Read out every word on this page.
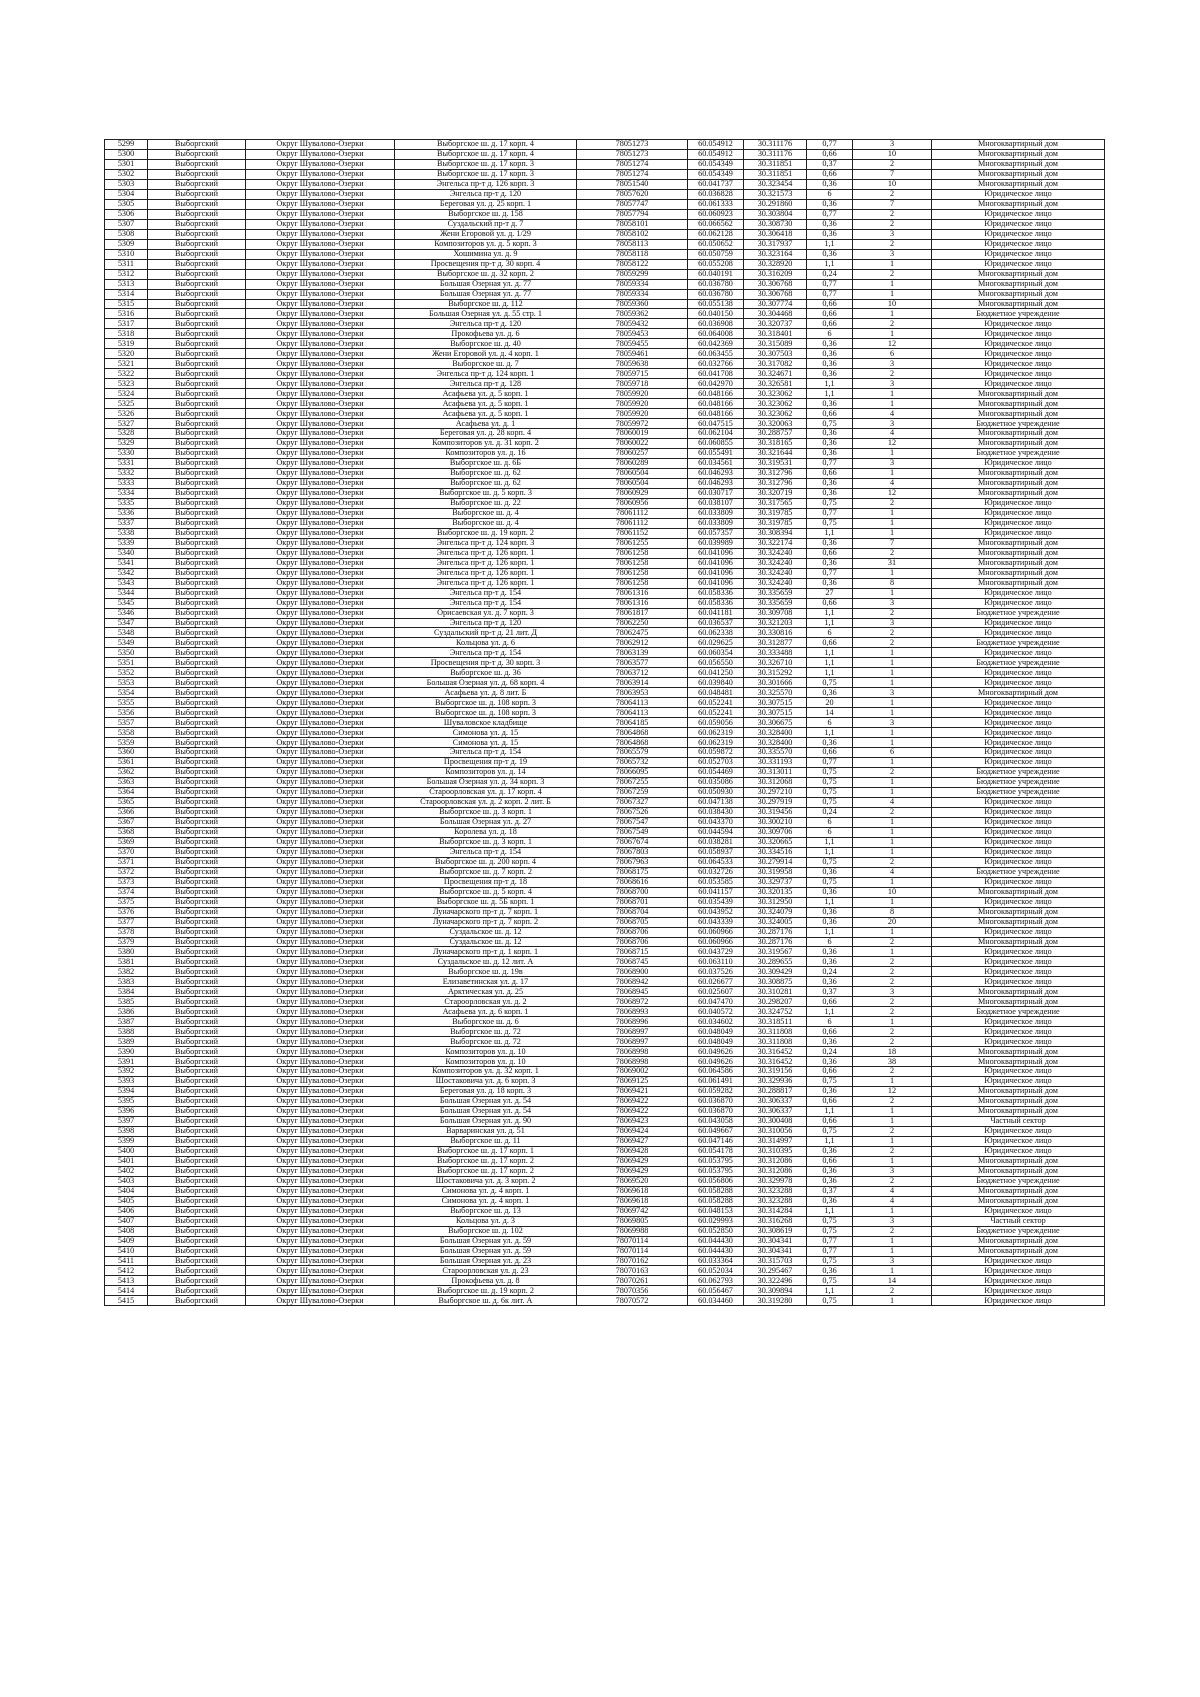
5299	Выборгский	Округ Шувалово-Озерки	Выборгское ш. д. 17 корп. 4	78051273	60.054912	30.311176	0,77	3	Многоквартирный дом
5300	Выборгский	Округ Шувалово-Озерки	Выборгское ш. д. 17 корп. 4	78051273	60.054912	30.311176	0,66	10	Многоквартирный дом
5301	Выборгский	Округ Шувалово-Озерки	Выборгское ш. д. 17 корп. 3	78051274	60.054349	30.311851	0,37	2	Многоквартирный дом
5302	Выборгский	Округ Шувалово-Озерки	Выборгское ш. д. 17 корп. 3	78051274	60.054349	30.311851	0,66	7	Многоквартирный дом
5303	Выборгский	Округ Шувалово-Озерки	Энгельса пр-т д. 126 корп. 3	78051540	60.041737	30.323454	0,36	10	Многоквартирный дом
5304	Выборгский	Округ Шувалово-Озерки	Энгельса пр-т д. 120	78057620	60.036828	30.321573	6	2	Юридическое лицо
5305	Выборгский	Округ Шувалово-Озерки	Береговая ул. д. 25 корп. 1	78057747	60.061333	30.291860	0,36	7	Многоквартирный дом
5306	Выборгский	Округ Шувалово-Озерки	Выборгское ш. д. 158	78057794	60.060923	30.303804	0,77	2	Юридическое лицо
5307	Выборгский	Округ Шувалово-Озерки	Суздальский пр-т д. 7	78058101	60.066562	30.308730	0,36	2	Юридическое лицо
5308	Выборгский	Округ Шувалово-Озерки	Жени Егоровой ул. д. 1/29	78058102	60.062128	30.306418	0,36	3	Юридическое лицо
5309	Выборгский	Округ Шувалово-Озерки	Композиторов ул. д. 5 корп. 3	78058113	60.050652	30.317937	1,1	2	Юридическое лицо
5310	Выборгский	Округ Шувалово-Озерки	Хошимина ул. д. 9	78058118	60.050759	30.323164	0,36	3	Юридическое лицо
5311	Выборгский	Округ Шувалово-Озерки	Просвещения пр-т д. 30 корп. 4	78058122	60.055208	30.328920	1,1	1	Юридическое лицо
5312	Выборгский	Округ Шувалово-Озерки	Выборгское ш. д. 32 корп. 2	78059299	60.040191	30.316209	0,24	2	Многоквартирный дом
5313	Выборгский	Округ Шувалово-Озерки	Большая Озерная ул. д. 77	78059334	60.036780	30.306768	0,77	1	Многоквартирный дом
5314	Выборгский	Округ Шувалово-Озерки	Большая Озерная ул. д. 77	78059334	60.036780	30.306768	0,77	1	Многоквартирный дом
5315	Выборгский	Округ Шувалово-Озерки	Выборгское ш. д. 112	78059360	60.055138	30.307774	0,66	10	Многоквартирный дом
5316	Выборгский	Округ Шувалово-Озерки	Большая Озерная ул. д. 55 стр. 1	78059362	60.040150	30.304468	0,66	1	Бюджетное учреждение
5317	Выборгский	Округ Шувалово-Озерки	Энгельса пр-т д. 120	78059432	60.036908	30.320737	0,66	2	Юридическое лицо
5318	Выборгский	Округ Шувалово-Озерки	Прокофьева ул. д. 6	78059453	60.064008	30.318401	6	1	Юридическое лицо
5319	Выборгский	Округ Шувалово-Озерки	Выборгское ш. д. 40	78059455	60.042369	30.315089	0,36	12	Юридическое лицо
5320	Выборгский	Округ Шувалово-Озерки	Жени Егоровой ул. д. 4 корп. 1	78059461	60.063455	30.307503	0,36	6	Юридическое лицо
5321	Выборгский	Округ Шувалово-Озерки	Выборгское ш. д. 7	78059638	60.032766	30.317082	0,36	3	Юридическое лицо
5322	Выборгский	Округ Шувалово-Озерки	Энгельса пр-т д. 124 корп. 1	78059715	60.041708	30.324671	0,36	2	Юридическое лицо
5323	Выборгский	Округ Шувалово-Озерки	Энгельса пр-т д. 128	78059718	60.042970	30.326581	1,1	3	Юридическое лицо
5324	Выборгский	Округ Шувалово-Озерки	Асафьева ул. д. 5 корп. 1	78059920	60.048166	30.323062	1,1	1	Многоквартирный дом
5325	Выборгский	Округ Шувалово-Озерки	Асафьева ул. д. 5 корп. 1	78059920	60.048166	30.323062	0,36	1	Многоквартирный дом
5326	Выборгский	Округ Шувалово-Озерки	Асафьева ул. д. 5 корп. 1	78059920	60.048166	30.323062	0,66	4	Многоквартирный дом
5327	Выборгский	Округ Шувалово-Озерки	Асафьева ул. д. 1	78059972	60.047515	30.320063	0,75	3	Бюджетное учреждение
5328	Выборгский	Округ Шувалово-Озерки	Береговая ул. д. 28 корп. 4	78060019	60.062104	30.288757	0,36	4	Многоквартирный дом
5329	Выборгский	Округ Шувалово-Озерки	Композиторов ул. д. 31 корп. 2	78060022	60.060855	30.318165	0,36	12	Многоквартирный дом
5330	Выборгский	Округ Шувалово-Озерки	Композиторов ул. д. 16	78060257	60.055491	30.321644	0,36	1	Бюджетное учреждение
5331	Выборгский	Округ Шувалово-Озерки	Выборгское ш. д. 6Б	78060289	60.034561	30.319531	0,77	3	Юридическое лицо
5332	Выборгский	Округ Шувалово-Озерки	Выборгское ш. д. 62	78060504	60.046293	30.312796	0,66	1	Многоквартирный дом
5333	Выборгский	Округ Шувалово-Озерки	Выборгское ш. д. 62	78060504	60.046293	30.312796	0,36	4	Многоквартирный дом
5334	Выборгский	Округ Шувалово-Озерки	Выборгское ш. д. 5 корп. 3	78060929	60.030717	30.320719	0,36	12	Многоквартирный дом
5335	Выборгский	Округ Шувалово-Озерки	Выборгское ш. д. 22	78060956	60.038107	30.317565	0,75	2	Юридическое лицо
5336	Выборгский	Округ Шувалово-Озерки	Выборгское ш. д. 4	78061112	60.033809	30.319785	0,77	1	Юридическое лицо
5337	Выборгский	Округ Шувалово-Озерки	Выборгское ш. д. 4	78061112	60.033809	30.319785	0,75	1	Юридическое лицо
5338	Выборгский	Округ Шувалово-Озерки	Выборгское ш. д. 19 корп. 2	78061152	60.057357	30.308394	1,1	1	Юридическое лицо
5339	Выборгский	Округ Шувалово-Озерки	Энгельса пр-т д. 124 корп. 3	78061255	60.039989	30.322174	0,36	7	Многоквартирный дом
5340	Выборгский	Округ Шувалово-Озерки	Энгельса пр-т д. 126 корп. 1	78061258	60.041096	30.324240	0,66	2	Многоквартирный дом
5341	Выборгский	Округ Шувалово-Озерки	Энгельса пр-т д. 126 корп. 1	78061258	60.041096	30.324240	0,36	31	Многоквартирный дом
5342	Выборгский	Округ Шувалово-Озерки	Энгельса пр-т д. 126 корп. 1	78061258	60.041096	30.324240	0,77	1	Многоквартирный дом
5343	Выборгский	Округ Шувалово-Озерки	Энгельса пр-т д. 126 корп. 1	78061258	60.041096	30.324240	0,36	8	Многоквартирный дом
5344	Выборгский	Округ Шувалово-Озерки	Энгельса пр-т д. 154	78061316	60.058336	30.335659	27	1	Юридическое лицо
5345	Выборгский	Округ Шувалово-Озерки	Энгельса пр-т д. 154	78061316	60.058336	30.335659	0,66	3	Юридическое лицо
5346	Выборгский	Округ Шувалово-Озерки	Орисаевская ул. д. 7 корп. 3	78061817	60.041181	30.309708	1,1	2	Бюджетное учреждение
5347	Выборгский	Округ Шувалово-Озерки	Энгельса пр-т д. 120	78062250	60.036537	30.321203	1,1	3	Юридическое лицо
5348	Выборгский	Округ Шувалово-Озерки	Суздальский пр-т д. 21 лит. Д	78062475	60.062338	30.330816	6	2	Юридическое лицо
5349	Выборгский	Округ Шувалово-Озерки	Кольцова ул. д. 6	78062912	60.029625	30.312877	0,66	2	Бюджетное учреждение
5350	Выборгский	Округ Шувалово-Озерки	Энгельса пр-т д. 154	78063139	60.060354	30.333488	1,1	1	Юридическое лицо
5351	Выборгский	Округ Шувалово-Озерки	Просвещения пр-т д. 30 корп. 3	78063577	60.056550	30.326710	1,1	1	Бюджетное учреждение
5352	Выборгский	Округ Шувалово-Озерки	Выборгское ш. д. 36	78063712	60.041250	30.315292	1,1	1	Юридическое лицо
5353	Выборгский	Округ Шувалово-Озерки	Большая Озерная ул. д. 68 корп. 4	78063914	60.039840	30.301666	0,75	1	Юридическое лицо
5354	Выборгский	Округ Шувалово-Озерки	Асафьева ул. д. 8 лит. Б	78063953	60.048481	30.325570	0,36	3	Многоквартирный дом
5355	Выборгский	Округ Шувалово-Озерки	Выборгское ш. д. 108 корп. 3	78064113	60.052241	30.307515	20	1	Юридическое лицо
5356	Выборгский	Округ Шувалово-Озерки	Выборгское ш. д. 108 корп. 3	78064113	60.052241	30.307515	14	1	Юридическое лицо
5357	Выборгский	Округ Шувалово-Озерки	Шуваловское кладбище	78064185	60.059056	30.306675	6	3	Юридическое лицо
5358	Выборгский	Округ Шувалово-Озерки	Симонова ул. д. 15	78064868	60.062319	30.328400	1,1	1	Юридическое лицо
5359	Выборгский	Округ Шувалово-Озерки	Симонова ул. д. 15	78064868	60.062319	30.328400	0,36	1	Юридическое лицо
5360	Выборгский	Округ Шувалово-Озерки	Энгельса пр-т д. 154	78065579	60.059872	30.335570	0,66	6	Юридическое лицо
5361	Выборгский	Округ Шувалово-Озерки	Просвещения пр-т д. 19	78065732	60.052703	30.331193	0,77	1	Юридическое лицо
5362	Выборгский	Округ Шувалово-Озерки	Композиторов ул. д. 14	78066095	60.054469	30.313011	0,75	2	Бюджетное учреждение
5363	Выборгский	Округ Шувалово-Озерки	Большая Озерная ул. д. 34 корп. 3	78067255	60.035086	30.312068	0,75	1	Бюджетное учреждение
5364	Выборгский	Округ Шувалово-Озерки	Староорловская ул. д. 17 корп. 4	78067259	60.050930	30.297210	0,75	1	Бюджетное учреждение
5365	Выборгский	Округ Шувалово-Озерки	Староорловская ул. д. 2 корп. 2 лит. Б	78067327	60.047138	30.297919	0,75	4	Юридическое лицо
5366	Выборгский	Округ Шувалово-Озерки	Выборгское ш. д. 3 корп. 1	78067526	60.038430	30.319456	0,24	2	Юридическое лицо
5367	Выборгский	Округ Шувалово-Озерки	Большая Озерная ул. д. 27	78067547	60.043370	30.300210	6	1	Юридическое лицо
5368	Выборгский	Округ Шувалово-Озерки	Королева ул. д. 18	78067549	60.044594	30.309706	6	1	Юридическое лицо
5369	Выборгский	Округ Шувалово-Озерки	Выборгское ш. д. 3 корп. 1	78067674	60.038281	30.320665	1,1	1	Юридическое лицо
5370	Выборгский	Округ Шувалово-Озерки	Энгельса пр-т д. 154	78067803	60.058937	30.334516	1,1	1	Юридическое лицо
5371	Выборгский	Округ Шувалово-Озерки	Выборгское ш. д. 200 корп. 4	78067963	60.064533	30.279914	0,75	2	Юридическое лицо
5372	Выборгский	Округ Шувалово-Озерки	Выборгское ш. д. 7 корп. 2	78068175	60.032726	30.319958	0,36	4	Бюджетное учреждение
5373	Выборгский	Округ Шувалово-Озерки	Просвещения пр-т д. 18	78068616	60.053585	30.329737	0,75	1	Юридическое лицо
5374	Выборгский	Округ Шувалово-Озерки	Выборгское ш. д. 5 корп. 4	78068700	60.041157	30.320135	0,36	10	Многоквартирный дом
5375	Выборгский	Округ Шувалово-Озерки	Выборгское ш. д. 5Б корп. 1	78068701	60.035439	30.312950	1,1	1	Юридическое лицо
5376	Выборгский	Округ Шувалово-Озерки	Луначарского пр-т д. 7 корп. 1	78068704	60.043952	30.324079	0,36	8	Многоквартирный дом
5377	Выборгский	Округ Шувалово-Озерки	Луначарского пр-т д. 7 корп. 2	78068705	60.043339	30.324005	0,36	20	Многоквартирный дом
5378	Выборгский	Округ Шувалово-Озерки	Суздальское ш. д. 12	78068706	60.060966	30.287176	1,1	1	Юридическое лицо
5379	Выборгский	Округ Шувалово-Озерки	Суздальское ш. д. 12	78068706	60.060966	30.287176	6	2	Многоквартирный дом
5380	Выборгский	Округ Шувалово-Озерки	Луначарского пр-т д. 1 корп. 1	78068715	60.043729	30.319567	0,36	1	Юридическое лицо
5381	Выборгский	Округ Шувалово-Озерки	Суздальское ш. д. 12 лит. А	78068745	60.063110	30.289655	0,36	2	Юридическое лицо
5382	Выборгский	Округ Шувалово-Озерки	Выборгское ш. д. 19в	78068900	60.037526	30.309429	0,24	2	Юридическое лицо
5383	Выборгский	Округ Шувалово-Озерки	Елизаветинская ул. д. 17	78068942	60.026677	30.308875	0,36	2	Юридическое лицо
5384	Выборгский	Округ Шувалово-Озерки	Арктическая ул. д. 25	78068945	60.025607	30.310281	0,37	3	Многоквартирный дом
5385	Выборгский	Округ Шувалово-Озерки	Староорловская ул. д. 2	78068972	60.047470	30.298207	0,66	2	Многоквартирный дом
5386	Выборгский	Округ Шувалово-Озерки	Асафьева ул. д. 6 корп. 1	78068993	60.040572	30.324752	1,1	2	Бюджетное учреждение
5387	Выборгский	Округ Шувалово-Озерки	Выборгское ш. д. 6	78068996	60.034602	30.318511	6	1	Юридическое лицо
5388	Выборгский	Округ Шувалово-Озерки	Выборгское ш. д. 72	78068997	60.048049	30.311808	0,66	2	Юридическое лицо
5389	Выборгский	Округ Шувалово-Озерки	Выборгское ш. д. 72	78068997	60.048049	30.311808	0,36	2	Юридическое лицо
5390	Выборгский	Округ Шувалово-Озерки	Композиторов ул. д. 10	78068998	60.049626	30.316452	0,24	18	Многоквартирный дом
5391	Выборгский	Округ Шувалово-Озерки	Композиторов ул. д. 10	78068998	60.049626	30.316452	0,36	38	Многоквартирный дом
5392	Выборгский	Округ Шувалово-Озерки	Композиторов ул. д. 32 корп. 1	78069002	60.064586	30.319156	0,66	2	Юридическое лицо
5393	Выборгский	Округ Шувалово-Озерки	Шостаковича ул. д. 6 корп. 3	78069125	60.061491	30.329936	0,75	1	Юридическое лицо
5394	Выборгский	Округ Шувалово-Озерки	Береговая ул. д. 18 корп. 3	78069421	60.059282	30.288817	0,36	12	Многоквартирный дом
5395	Выборгский	Округ Шувалово-Озерки	Большая Озерная ул. д. 54	78069422	60.036870	30.306337	0,66	2	Многоквартирный дом
5396	Выборгский	Округ Шувалово-Озерки	Большая Озерная ул. д. 54	78069422	60.036870	30.306337	1,1	1	Многоквартирный дом
5397	Выборгский	Округ Шувалово-Озерки	Большая Озерная ул. д. 90	78069423	60.043058	30.300408	0,66	1	Частный сектор
5398	Выборгский	Округ Шувалово-Озерки	Варваринская ул. д. 51	78069424	60.049667	30.310056	0,75	2	Юридическое лицо
5399	Выборгский	Округ Шувалово-Озерки	Выборгское ш. д. 11	78069427	60.047146	30.314997	1,1	1	Юридическое лицо
5400	Выборгский	Округ Шувалово-Озерки	Выборгское ш. д. 17 корп. 1	78069428	60.054178	30.310395	0,36	2	Юридическое лицо
5401	Выборгский	Округ Шувалово-Озерки	Выборгское ш. д. 17 корп. 2	78069429	60.053795	30.312086	0,66	1	Многоквартирный дом
5402	Выборгский	Округ Шувалово-Озерки	Выборгское ш. д. 17 корп. 2	78069429	60.053795	30.312086	0,36	3	Многоквартирный дом
5403	Выборгский	Округ Шувалово-Озерки	Шостаковича ул. д. 3 корп. 2	78069520	60.056806	30.329978	0,36	2	Бюджетное учреждение
5404	Выборгский	Округ Шувалово-Озерки	Симонова ул. д. 4 корп. 1	78069618	60.058288	30.323288	0,37	4	Многоквартирный дом
5405	Выборгский	Округ Шувалово-Озерки	Симонова ул. д. 4 корп. 1	78069618	60.058288	30.323288	0,36	4	Многоквартирный дом
5406	Выборгский	Округ Шувалово-Озерки	Выборгское ш. д. 13	78069742	60.048153	30.314284	1,1	1	Юридическое лицо
5407	Выборгский	Округ Шувалово-Озерки	Кольцова ул. д. 3	78069805	60.029993	30.316268	0,75	3	Частный сектор
5408	Выборгский	Округ Шувалово-Озерки	Выборгское ш. д. 102	78069988	60.052850	30.308619	0,75	2	Бюджетное учреждение
5409	Выборгский	Округ Шувалово-Озерки	Большая Озерная ул. д. 59	78070114	60.044430	30.304341	0,77	1	Многоквартирный дом
5410	Выборгский	Округ Шувалово-Озерки	Большая Озерная ул. д. 59	78070114	60.044430	30.304341	0,77	1	Многоквартирный дом
5411	Выборгский	Округ Шувалово-Озерки	Большая Озерная ул. д. 23	78070162	60.033364	30.315703	0,75	3	Юридическое лицо
5412	Выборгский	Округ Шувалово-Озерки	Староорловская ул. д. 23	78070163	60.052034	30.295467	0,36	1	Юридическое лицо
5413	Выборгский	Округ Шувалово-Озерки	Прокофьева ул. д. 8	78070261	60.062793	30.322496	0,75	14	Юридическое лицо
5414	Выборгский	Округ Шувалово-Озерки	Выборгское ш. д. 19 корп. 2	78070356	60.056467	30.309894	1,1	2	Юридическое лицо
5415	Выборгский	Округ Шувалово-Озерки	Выборгское ш. д. 6к лит. А	78070572	60.034460	30.319280	0,75	1	Юридическое лицо
